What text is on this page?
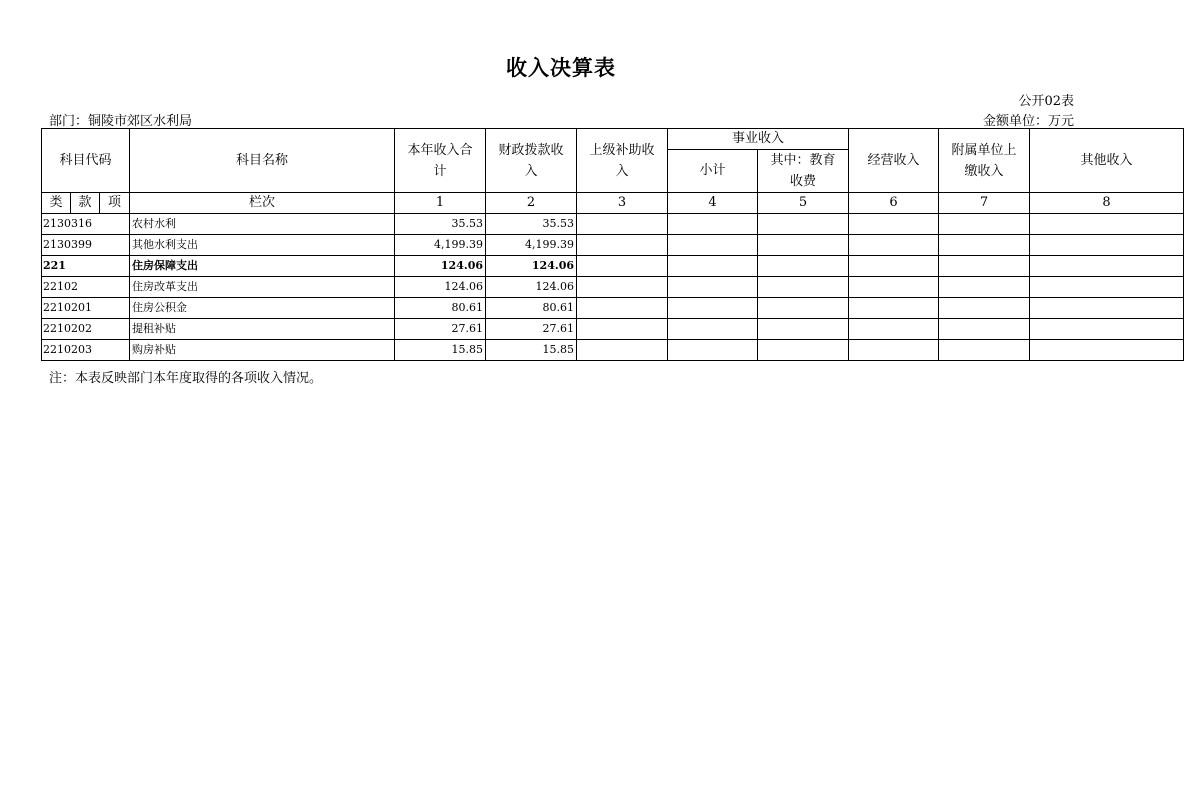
收入决算表
公开02表
部门：铜陵市郊区水利局	金额单位：万元
科目代码			科目名称	本年收入合计	财政拨款收入	上级补助收入	事业收入		经营收入	附属单位上缴收入	其他收入
							小计	其中：教育收费			
类	款	项	栏次	1	2	3	4	5	6	7	8
2130316			农村水利	35.53	35.53						
2130399			其他水利支出	4,199.39	4,199.39						
221			住房保障支出	124.06	124.06						
22102			住房改革支出	124.06	124.06						
2210201			住房公积金	80.61	80.61						
2210202			提租补贴	27.61	27.61						
2210203			购房补贴	15.85	15.85						
注：本表反映部门本年度取得的各项收入情况。
